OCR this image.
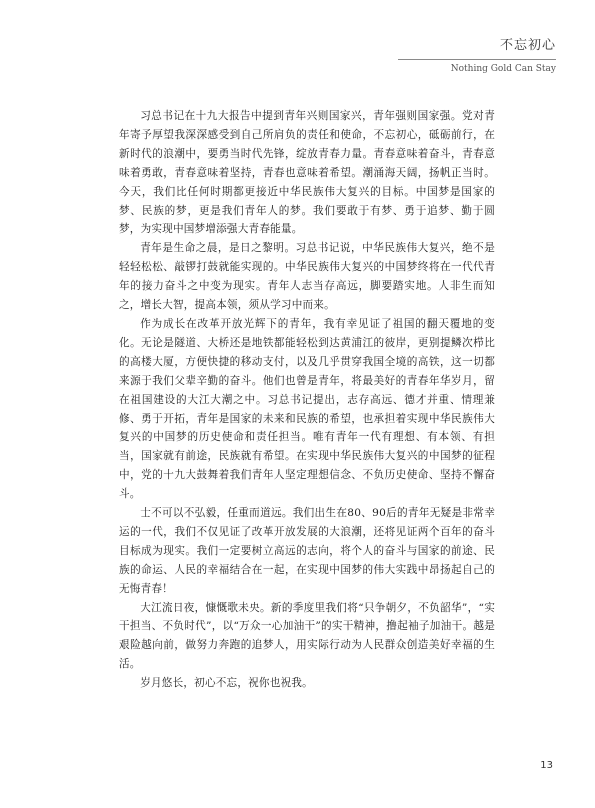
不忘初心
Nothing Gold Can Stay

习总书记在十九大报告中提到青年兴则国家兴，青年强则国家强。党对青年寄予厚望我深深感受到自己所肩负的责任和使命，不忘初心，砥砺前行，在新时代的浪潮中，要勇当时代先锋，绽放青春力量。青春意味着奋斗，青春意味着勇敢，青春意味着坚持，青春也意味着希望。潮涌海天阔，扬帆正当时。今天，我们比任何时期都更接近中华民族伟大复兴的目标。中国梦是国家的梦、民族的梦，更是我们青年人的梦。我们要敢于有梦、勇于追梦、勤于圆梦，为实现中国梦增添强大青春能量。

青年是生命之晨，是日之黎明。习总书记说，中华民族伟大复兴，绝不是轻轻松松、敲锣打鼓就能实现的。中华民族伟大复兴的中国梦终将在一代代青年的接力奋斗之中变为现实。青年人志当存高远，脚要踏实地。人非生而知之，增长大智，提高本领，须从学习中而来。

作为成长在改革开放光辉下的青年，我有幸见证了祖国的翻天覆地的变化。无论是隧道、大桥还是地铁都能轻松到达黄浦江的彼岸，更别提鳞次栉比的高楼大厦，方便快捷的移动支付，以及几乎贯穿我国全境的高铁，这一切都来源于我们父辈辛勤的奋斗。他们也曾是青年，将最美好的青春年华岁月，留在祖国建设的大江大潮之中。习总书记提出，志存高远、德才并重、情理兼修、勇于开拓，青年是国家的未来和民族的希望，也承担着实现中华民族伟大复兴的中国梦的历史使命和责任担当。唯有青年一代有理想、有本领、有担当，国家就有前途，民族就有希望。在实现中华民族伟大复兴的中国梦的征程中，党的十九大鼓舞着我们青年人坚定理想信念、不负历史使命、坚持不懈奋斗。

士不可以不弘毅，任重而道远。我们出生在80、90后的青年无疑是非常幸运的一代，我们不仅见证了改革开放发展的大浪潮，还将见证两个百年的奋斗目标成为现实。我们一定要树立高远的志向，将个人的奋斗与国家的前途、民族的命运、人民的幸福结合在一起，在实现中国梦的伟大实践中昂扬起自己的无悔青春！

大江流日夜，慷慨歌未央。新的季度里我们将“只争朝夕，不负韶华”，“实干担当、不负时代”，以“万众一心加油干”的实干精神，撸起袖子加油干。越是艰险越向前，做努力奔跑的追梦人，用实际行动为人民群众创造美好幸福的生活。

岁月悠长，初心不忘，祝你也祝我。

13
